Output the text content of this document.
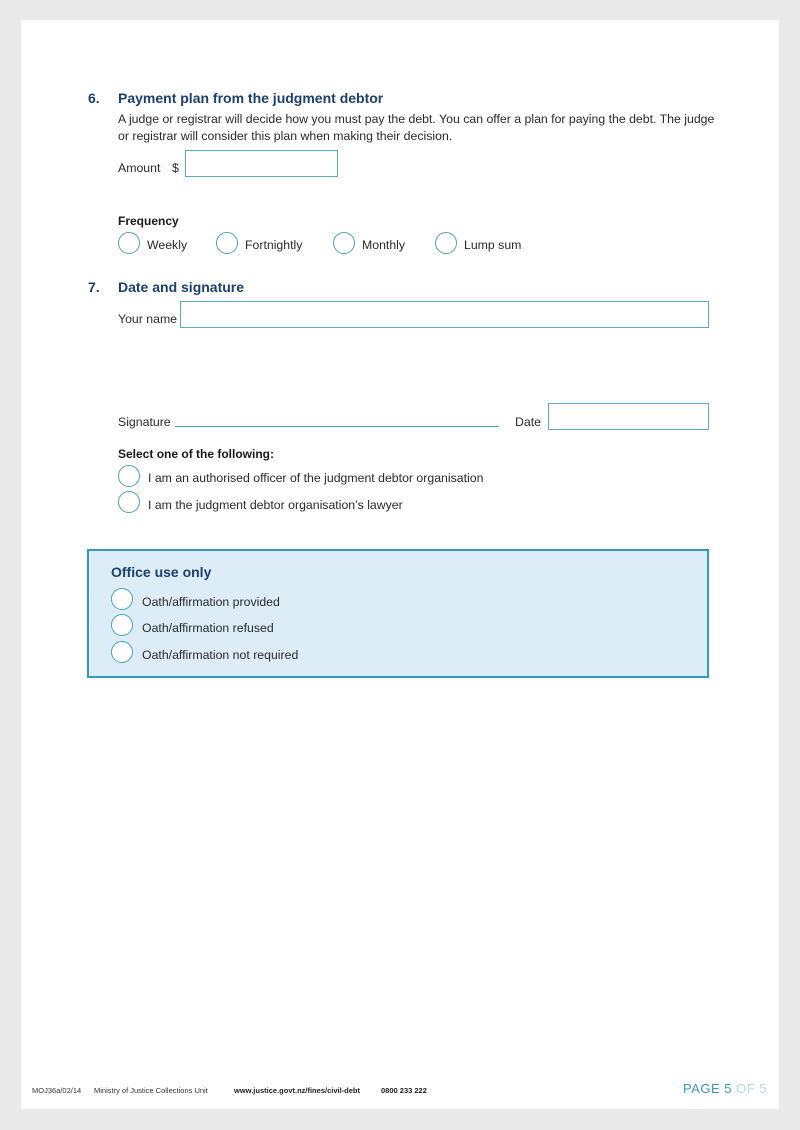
6. Payment plan from the judgment debtor
A judge or registrar will decide how you must pay the debt. You can offer a plan for paying the debt. The judge
or registrar will consider this plan when making their decision.
Amount $
Frequency
Weekly	Fortnightly	Monthly	Lump sum
7. Date and signature
Your name
Signature	Date
Select one of the following:
I am an authorised officer of the judgment debtor organisation
I am the judgment debtor organisation’s lawyer
Office use only
Oath/affirmation provided
Oath/affirmation refused
Oath/affirmation not required
MOJ36a/02/14 Ministry of Justice Collections Unit	www.justice.govt.nz/fines/civil-debt	0800 233 222	PAGE 5 OF 5
